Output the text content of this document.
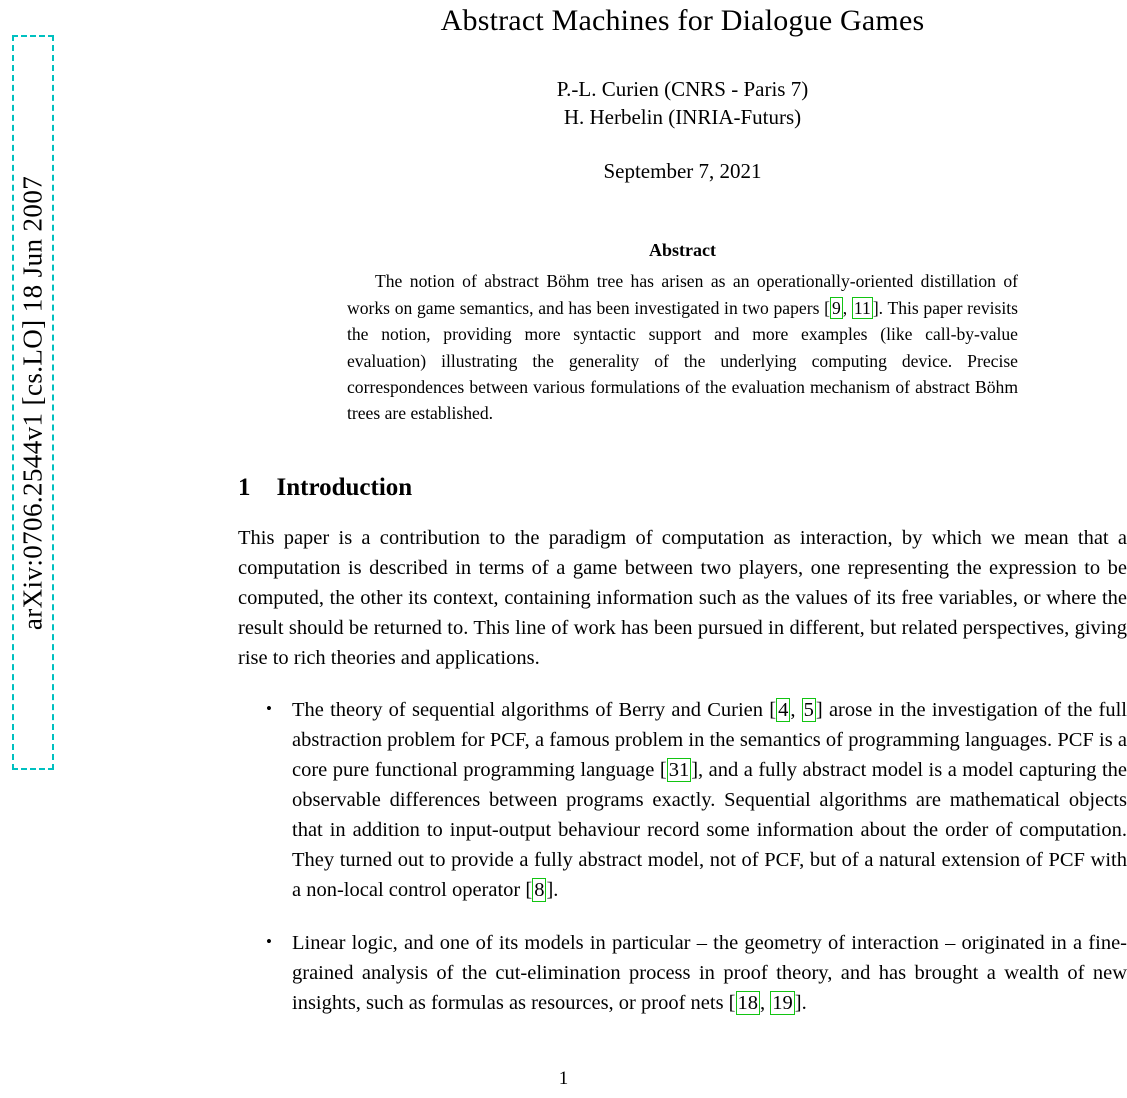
arXiv:0706.2544v1 [cs.LO] 18 Jun 2007
Abstract Machines for Dialogue Games
P.-L. Curien (CNRS - Paris 7)
H. Herbelin (INRIA-Futurs)
September 7, 2021
Abstract
The notion of abstract Böhm tree has arisen as an operationally-oriented distillation of works on game semantics, and has been investigated in two papers [ 9 , 11 ]. This paper revisits the notion, providing more syntactic support and more examples (like call-by-value evaluation) illustrating the generality of the underlying computing device. Precise correspondences between various formulations of the evaluation mechanism of abstract Böhm trees are established.
1 Introduction

This paper is a contribution to the paradigm of computation as interaction, by which we mean that a computation is described in terms of a game between two players, one representing the expression to be computed, the other its context, containing information such as the values of its free variables, or where the result should be returned to. This line of work has been pursued in different, but related perspectives, giving rise to rich theories and applications.

• The theory of sequential algorithms of Berry and Curien [4, 5] arose in the investigation of the full abstraction problem for PCF, a famous problem in the semantics of programming languages. PCF is a core pure functional programming language [31], and a fully abstract model is a model capturing the observable differences between programs exactly. Sequential algorithms are mathematical objects that in addition to input-output behaviour record some information about the order of computation. They turned out to provide a fully abstract model, not of PCF, but of a natural extension of PCF with a non-local control operator [8].
• Linear logic, and one of its models in particular – the geometry of interaction – originated in a fine-grained analysis of the cut-elimination process in proof theory, and has brought a wealth of new insights, such as formulas as resources, or proof nets [18, 19].
1
